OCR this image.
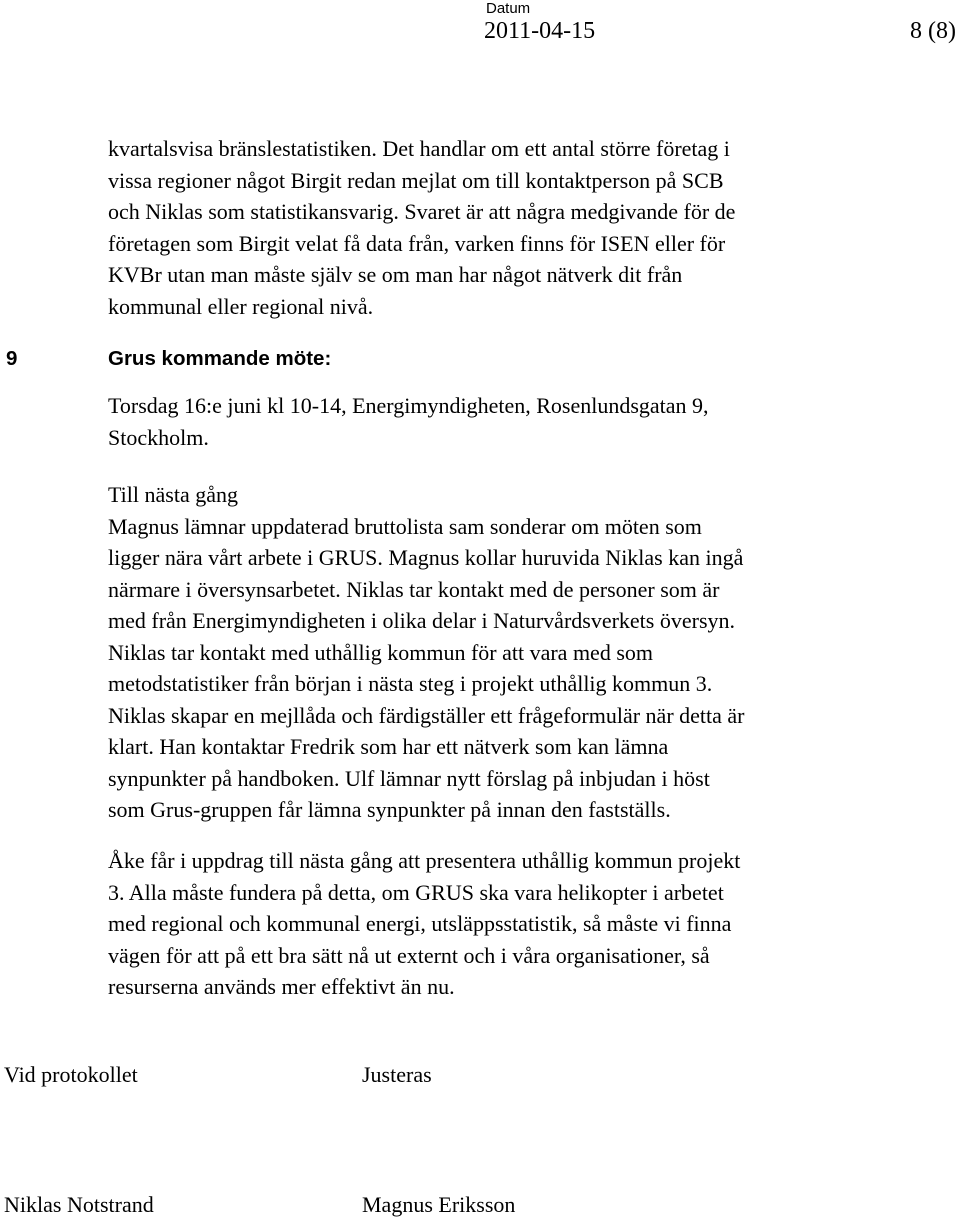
Datum
2011-04-15	8 (8)

kvartalsvisa bränslestatistiken. Det handlar om ett antal större företag i
vissa regioner något Birgit redan mejlat om till kontaktperson på SCB
och Niklas som statistikansvarig. Svaret är att några medgivande för de
företagen som Birgit velat få data från, varken finns för ISEN eller för
KVBr utan man måste själv se om man har något nätverk dit från
kommunal eller regional nivå.

9	Grus kommande möte:

Torsdag 16:e juni kl 10-14, Energimyndigheten, Rosenlundsgatan 9,
Stockholm.

Till nästa gång
Magnus lämnar uppdaterad bruttolista sam sonderar om möten som
ligger nära vårt arbete i GRUS. Magnus kollar huruvida Niklas kan ingå
närmare i översynsarbetet. Niklas tar kontakt med de personer som är
med från Energimyndigheten i olika delar i Naturvårdsverkets översyn.
Niklas tar kontakt med uthållig kommun för att vara med som
metodstatistiker från början i nästa steg i projekt uthållig kommun 3.
Niklas skapar en mejllåda och färdigställer ett frågeformulär när detta är
klart. Han kontaktar Fredrik som har ett nätverk som kan lämna
synpunkter på handboken. Ulf lämnar nytt förslag på inbjudan i höst
som Grus-gruppen får lämna synpunkter på innan den fastställs.

Åke får i uppdrag till nästa gång att presentera uthållig kommun projekt
3. Alla måste fundera på detta, om GRUS ska vara helikopter i arbetet
med regional och kommunal energi, utsläppsstatistik, så måste vi finna
vägen för att på ett bra sätt nå ut externt och i våra organisationer, så
resurserna används mer effektivt än nu.

Vid protokollet	Justeras
Niklas Notstrand	Magnus Eriksson
